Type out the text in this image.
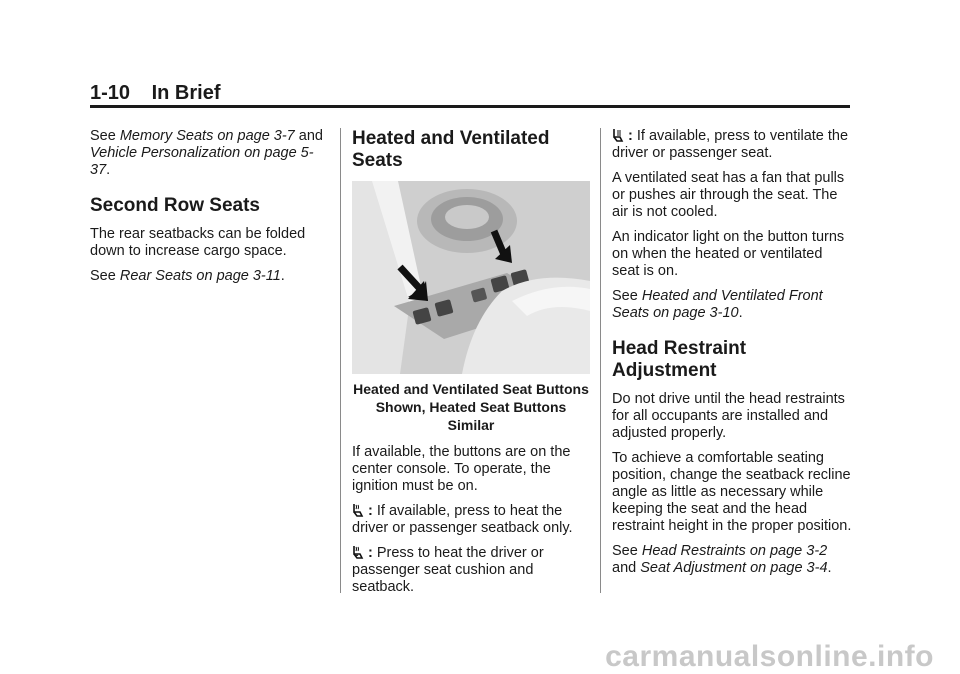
1-10 In Brief

See Memory Seats on page 3-7 and Vehicle Personalization on page 5-37.

Second Row Seats

The rear seatbacks can be folded down to increase cargo space.

See Rear Seats on page 3-11.

Heated and Ventilated Seats
Heated and Ventilated Seat Buttons Shown, Heated Seat Buttons Similar

If available, the buttons are on the center console. To operate, the ignition must be on.

: If available, press to heat the driver or passenger seatback only.

: Press to heat the driver or passenger seat cushion and seatback.

: If available, press to ventilate the driver or passenger seat.

A ventilated seat has a fan that pulls or pushes air through the seat. The air is not cooled.

An indicator light on the button turns on when the heated or ventilated seat is on.

See Heated and Ventilated Front Seats on page 3-10.

Head Restraint Adjustment

Do not drive until the head restraints for all occupants are installed and adjusted properly.

To achieve a comfortable seating position, change the seatback recline angle as little as necessary while keeping the seat and the head restraint height in the proper position.

See Head Restraints on page 3-2 and Seat Adjustment on page 3-4.

carmanualsonline.info
